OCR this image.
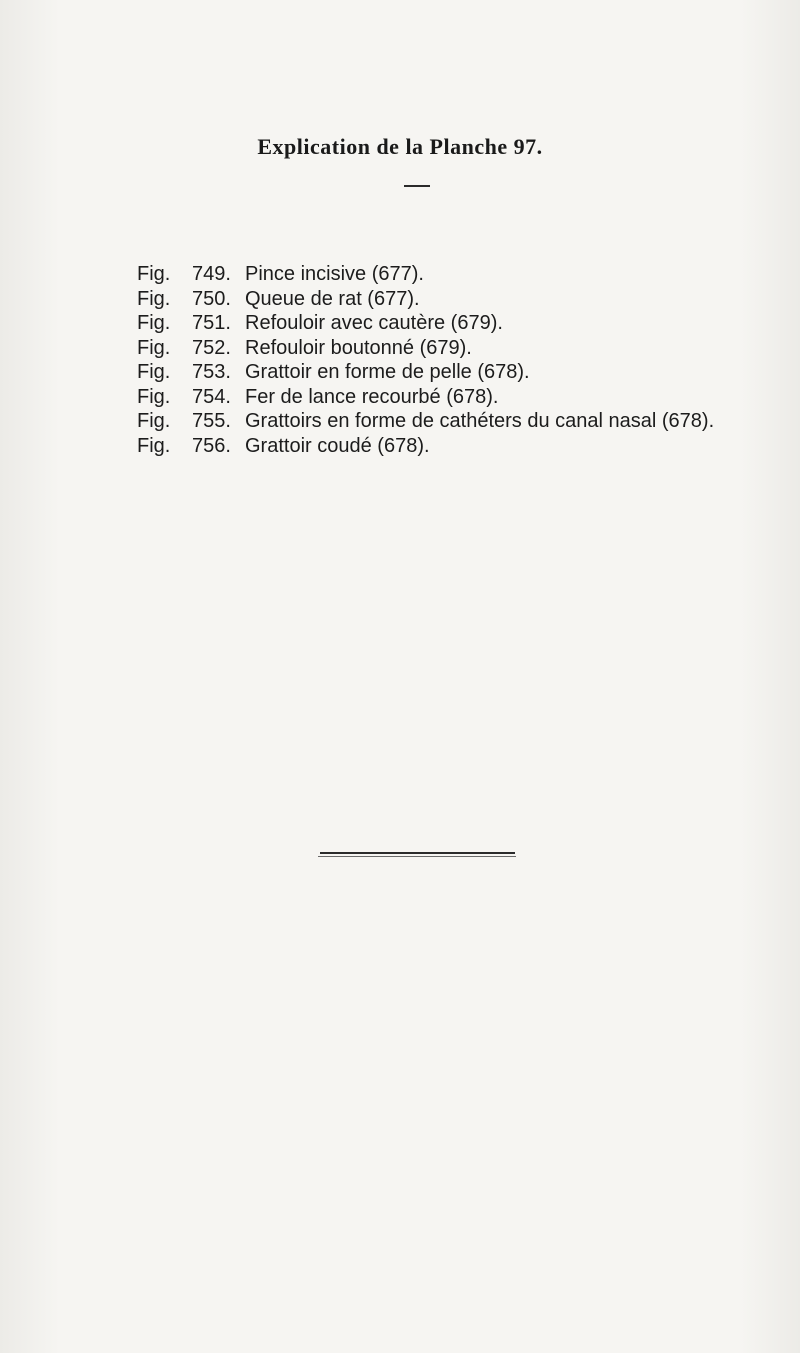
Explication de la Planche 97.
Fig.	749. Pince incisive (677).
Fig.	750. Queue de rat (677).
Fig.	751. Refouloir avec cautère (679).
Fig.	752. Refouloir boutonné (679).
Fig.	753. Grattoir en forme de pelle (678).
Fig.	754. Fer de lance recourbé (678).
Fig.	755. Grattoirs en forme de cathéters du canal nasal (678).
Fig.	756. Grattoir coudé (678).
